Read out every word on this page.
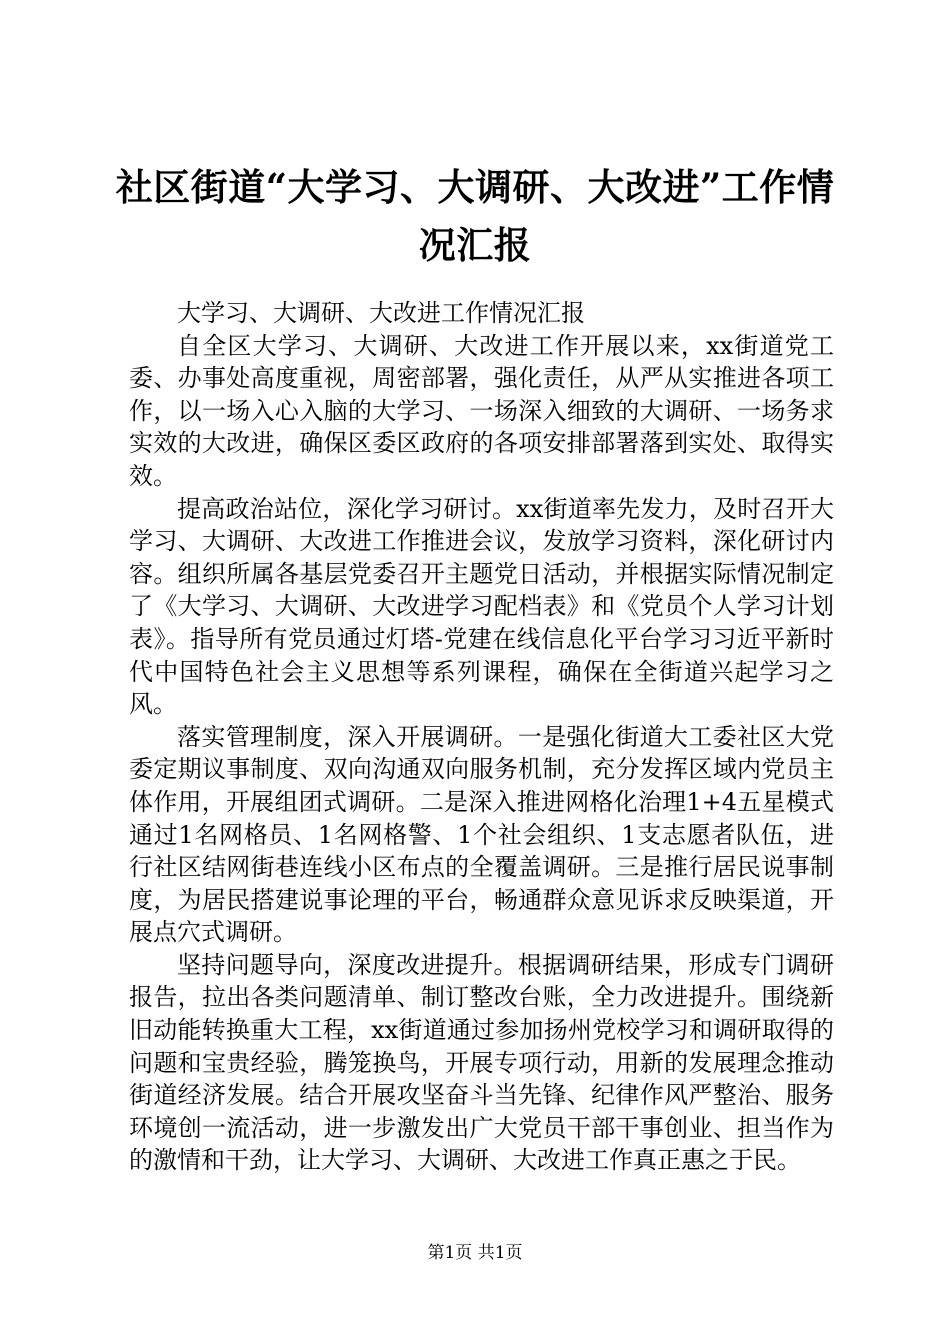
社区街道“大学习、大调研、大改进”工作情况汇报

大学习、大调研、大改进工作情况汇报

自全区大学习、大调研、大改进工作开展以来，xx街道党工委、办事处高度重视，周密部署，强化责任，从严从实推进各项工作，以一场入心入脑的大学习、一场深入细致的大调研、一场务求实效的大改进，确保区委区政府的各项安排部署落到实处、取得实效。

提高政治站位，深化学习研讨。xx街道率先发力，及时召开大学习、大调研、大改进工作推进会议，发放学习资料，深化研讨内容。组织所属各基层党委召开主题党日活动，并根据实际情况制定了《大学习、大调研、大改进学习配档表》和《党员个人学习计划表》。指导所有党员通过灯塔-党建在线信息化平台学习习近平新时代中国特色社会主义思想等系列课程，确保在全街道兴起学习之风。

落实管理制度，深入开展调研。一是强化街道大工委社区大党委定期议事制度、双向沟通双向服务机制，充分发挥区域内党员主体作用，开展组团式调研。二是深入推进网格化治理1+4五星模式通过1名网格员、1名网格警、1个社会组织、1支志愿者队伍，进行社区结网街巷连线小区布点的全覆盖调研。三是推行居民说事制度，为居民搭建说事论理的平台，畅通群众意见诉求反映渠道，开展点穴式调研。

坚持问题导向，深度改进提升。根据调研结果，形成专门调研报告，拉出各类问题清单、制订整改台账，全力改进提升。围绕新旧动能转换重大工程，xx街道通过参加扬州党校学习和调研取得的问题和宝贵经验，腾笼换鸟，开展专项行动，用新的发展理念推动街道经济发展。结合开展攻坚奋斗当先锋、纪律作风严整治、服务环境创一流活动，进一步激发出广大党员干部干事创业、担当作为的激情和干劲，让大学习、大调研、大改进工作真正惠之于民。

第1页 共1页
